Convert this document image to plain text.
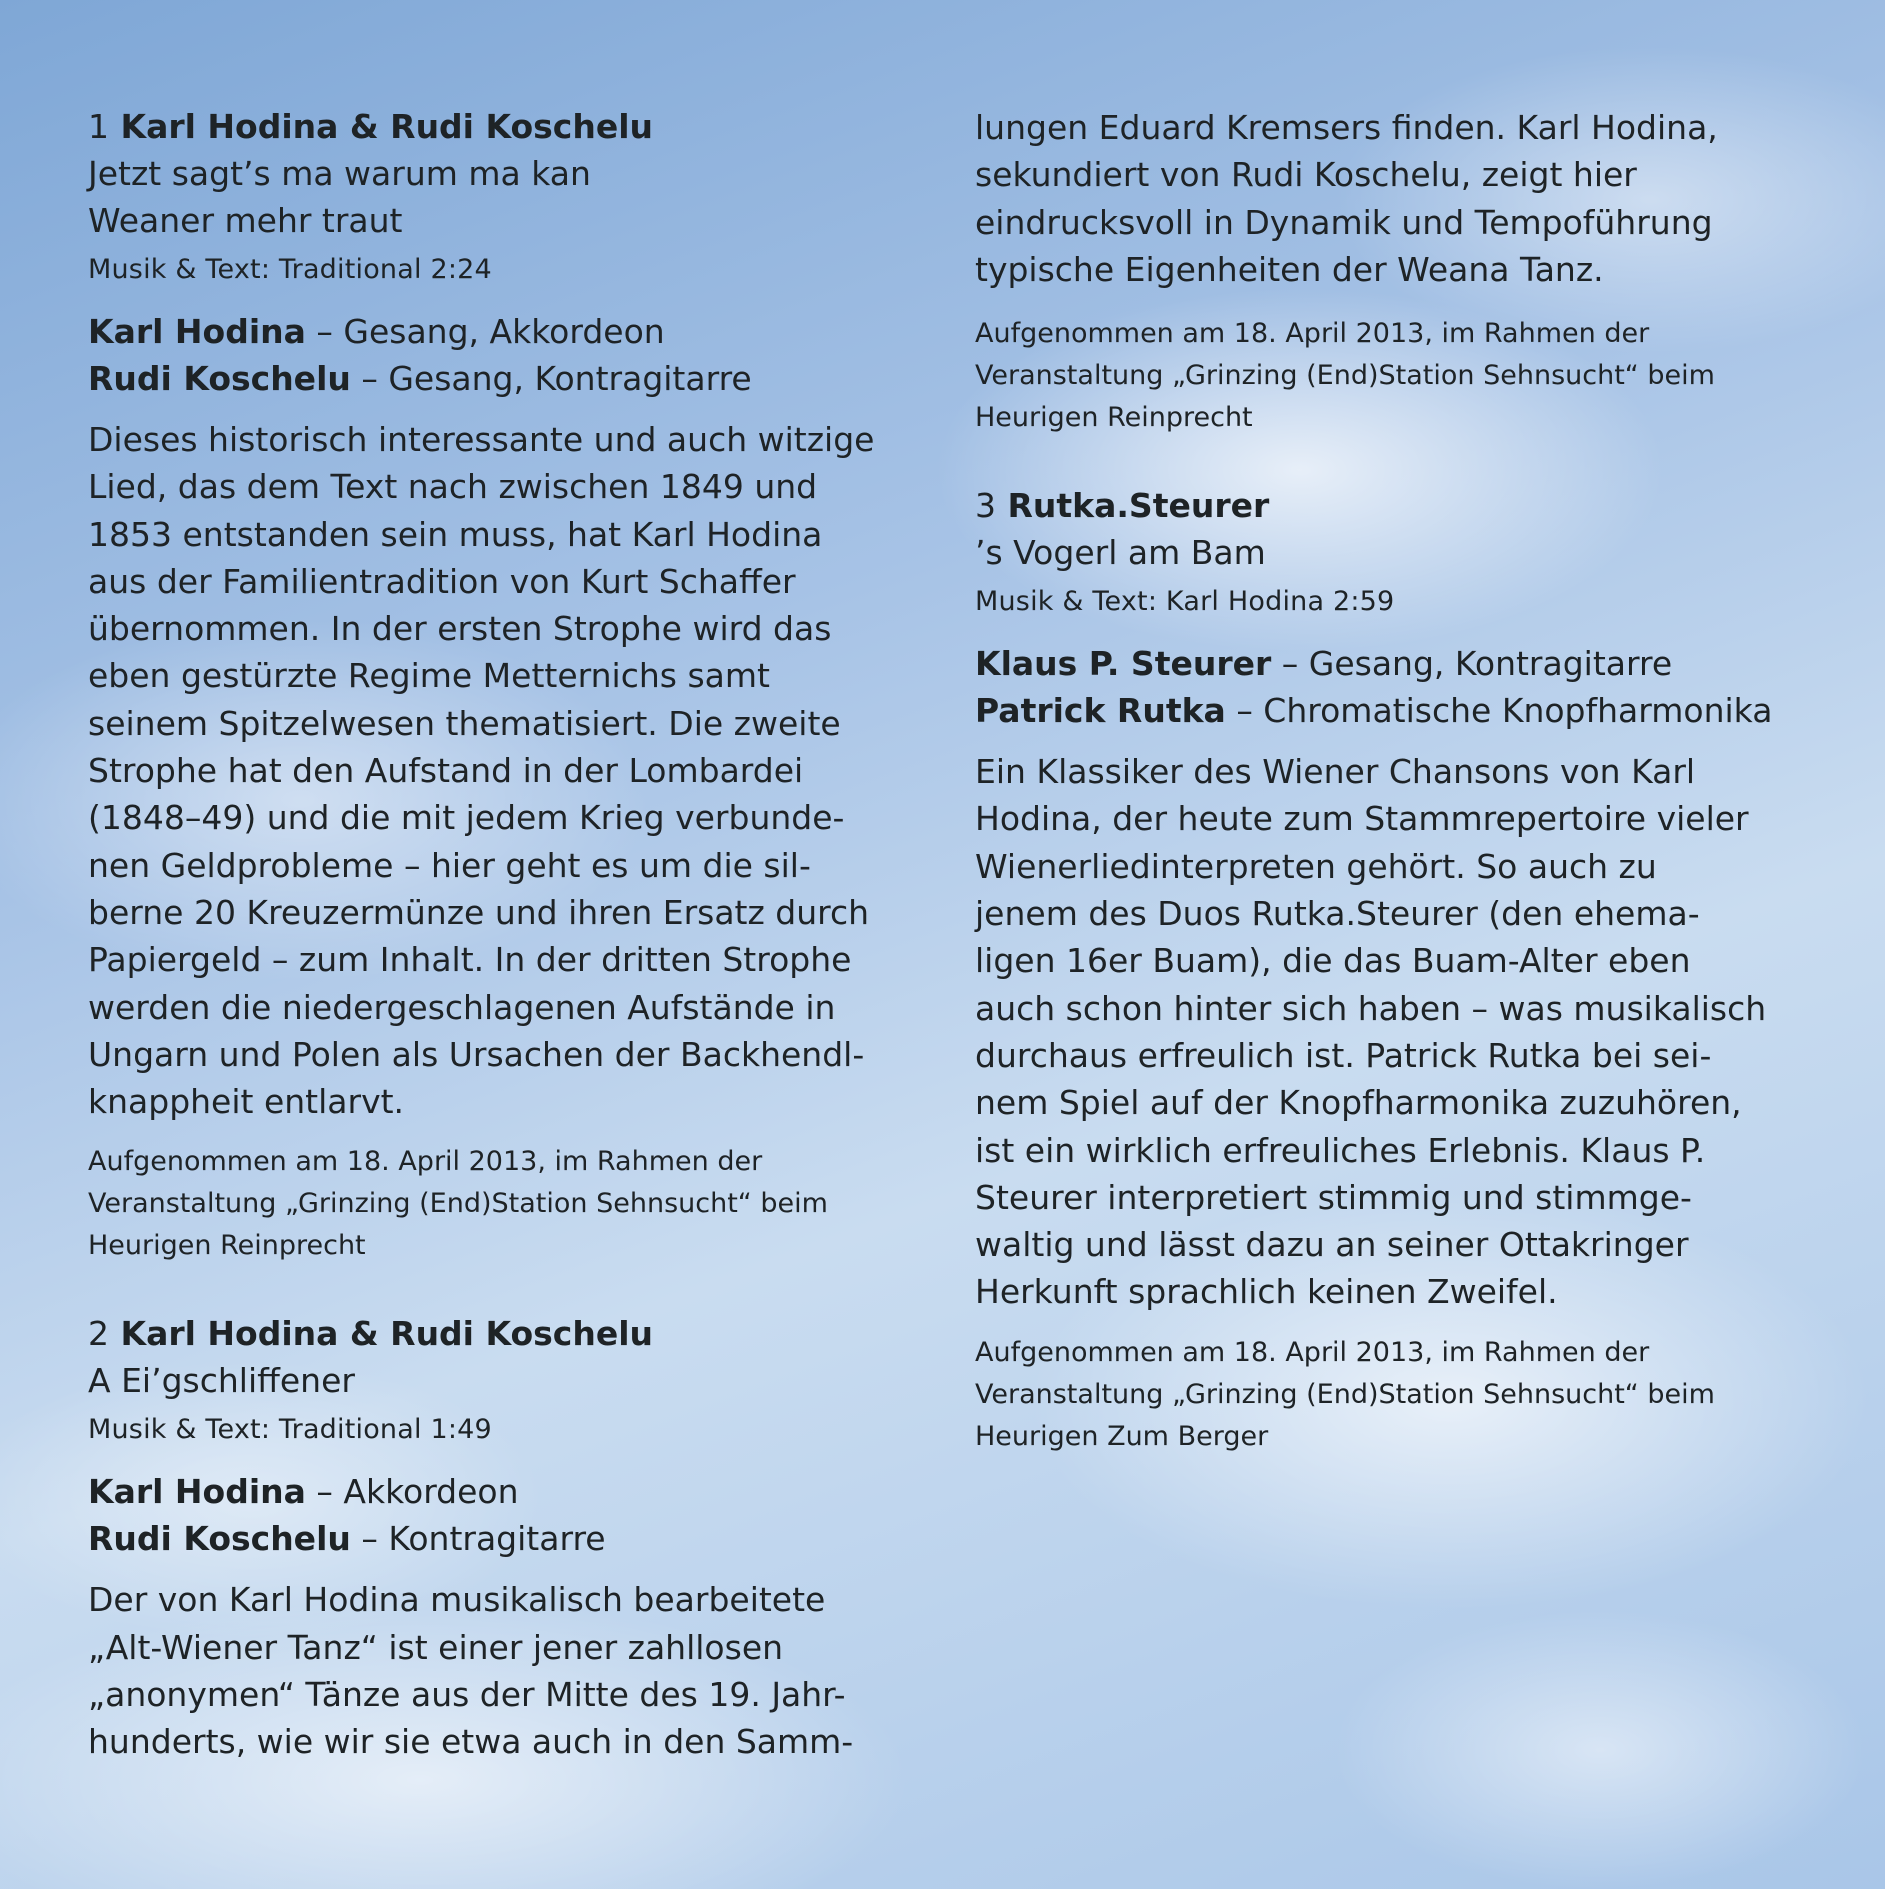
1 Karl Hodina & Rudi Koschelu
Jetzt sagt’s ma warum ma kan
Weaner mehr traut
Musik & Text: Traditional 2:24
Karl Hodina – Gesang, Akkordeon
Rudi Koschelu – Gesang, Kontragitarre

Dieses historisch interessante und auch witzige

Lied, das dem Text nach zwischen 1849 und

1853 entstanden sein muss, hat Karl Hodina

aus der Familientradition von Kurt Schaffer

übernommen. In der ersten Strophe wird das

eben gestürzte Regime Metternichs samt

seinem Spitzelwesen thematisiert. Die zweite

Strophe hat den Aufstand in der Lombardei

(1848–49) und die mit jedem Krieg verbunde-

nen Geldprobleme – hier geht es um die sil-

berne 20 Kreuzermünze und ihren Ersatz durch

Papiergeld – zum Inhalt. In der dritten Strophe

werden die niedergeschlagenen Aufstände in

Ungarn und Polen als Ursachen der Backhendl-

knappheit entlarvt.

Aufgenommen am 18. April 2013, im Rahmen der

Veranstaltung „Grinzing (End)Station Sehnsucht“ beim

Heurigen Reinprecht

2 Karl Hodina & Rudi Koschelu
A Ei’gschliffener
Musik & Text: Traditional 1:49
Karl Hodina – Akkordeon
Rudi Koschelu – Kontragitarre

Der von Karl Hodina musikalisch bearbeitete

„Alt-Wiener Tanz“ ist einer jener zahllosen

„anonymen“ Tänze aus der Mitte des 19. Jahr-

hunderts, wie wir sie etwa auch in den Samm-

lungen Eduard Kremsers finden. Karl Hodina,

sekundiert von Rudi Koschelu, zeigt hier

eindrucksvoll in Dynamik und Tempoführung

typische Eigenheiten der Weana Tanz.

Aufgenommen am 18. April 2013, im Rahmen der

Veranstaltung „Grinzing (End)Station Sehnsucht“ beim

Heurigen Reinprecht

3 Rutka.Steurer
’s Vogerl am Bam
Musik & Text: Karl Hodina 2:59
Klaus P. Steurer – Gesang, Kontragitarre
Patrick Rutka – Chromatische Knopfharmonika

Ein Klassiker des Wiener Chansons von Karl

Hodina, der heute zum Stammrepertoire vieler

Wienerliedinterpreten gehört. So auch zu

jenem des Duos Rutka.Steurer (den ehema-

ligen 16er Buam), die das Buam-Alter eben

auch schon hinter sich haben – was musikalisch

durchaus erfreulich ist. Patrick Rutka bei sei-

nem Spiel auf der Knopfharmonika zuzuhören,

ist ein wirklich erfreuliches Erlebnis. Klaus P.

Steurer interpretiert stimmig und stimmge-

waltig und lässt dazu an seiner Ottakringer

Herkunft sprachlich keinen Zweifel.

Aufgenommen am 18. April 2013, im Rahmen der

Veranstaltung „Grinzing (End)Station Sehnsucht“ beim

Heurigen Zum Berger
